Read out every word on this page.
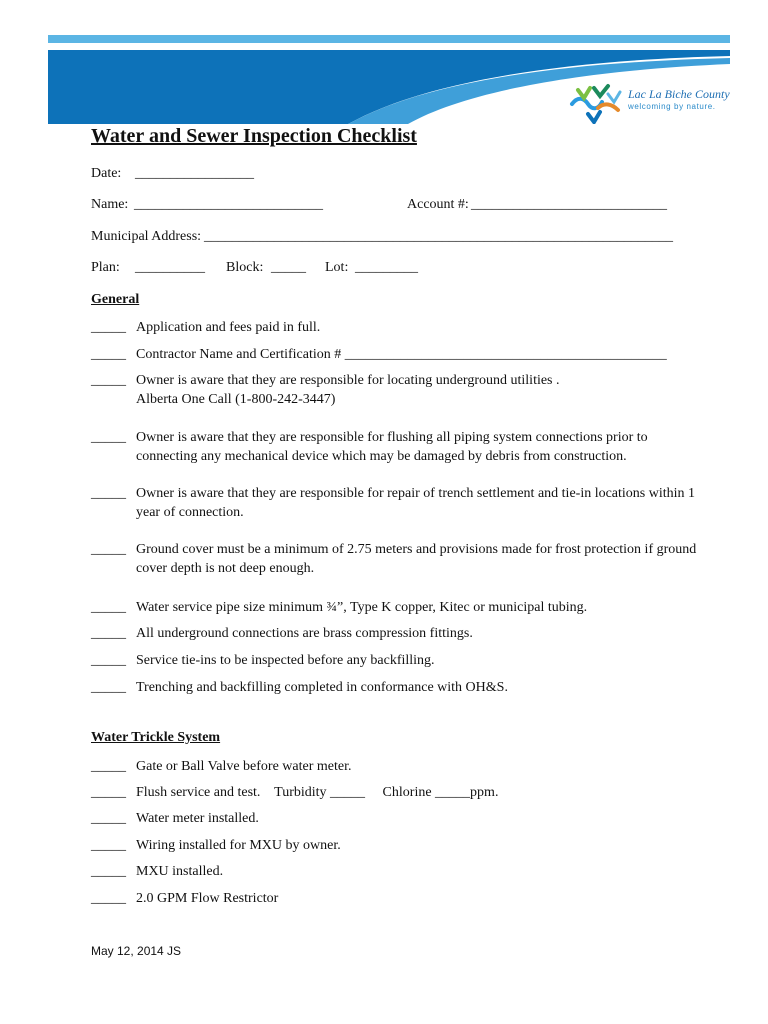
Lac La Biche County
welcoming by nature.
Water and Sewer Inspection Checklist
Date: _________________
Name: ___________________________	Account #: ____________________________
Municipal Address: ___________________________________________________________________
Plan: __________ Block: _____ Lot: _________
General
_____ Application and fees paid in full.
_____ Contractor Name and Certification # ______________________________________________
_____ Owner is aware that they are responsible for locating underground utilities .
Alberta One Call (1-800-242-3447)
_____ Owner is aware that they are responsible for flushing all piping system connections prior to connecting any mechanical device which may be damaged by debris from construction.
_____ Owner is aware that they are responsible for repair of trench settlement and tie-in locations within 1 year of connection.
_____ Ground cover must be a minimum of 2.75 meters and provisions made for frost protection if ground cover depth is not deep enough.
_____ Water service pipe size minimum ¾”, Type K copper, Kitec or municipal tubing.
_____ All underground connections are brass compression fittings.
_____ Service tie-ins to be inspected before any backfilling.
_____ Trenching and backfilling completed in conformance with OH&S.
Water Trickle System
_____ Gate or Ball Valve before water meter.
_____ Flush service and test.    Turbidity _____     Chlorine _____ppm.
_____ Water meter installed.
_____ Wiring installed for MXU by owner.
_____ MXU installed.
_____ 2.0 GPM Flow Restrictor
May 12, 2014 JS
